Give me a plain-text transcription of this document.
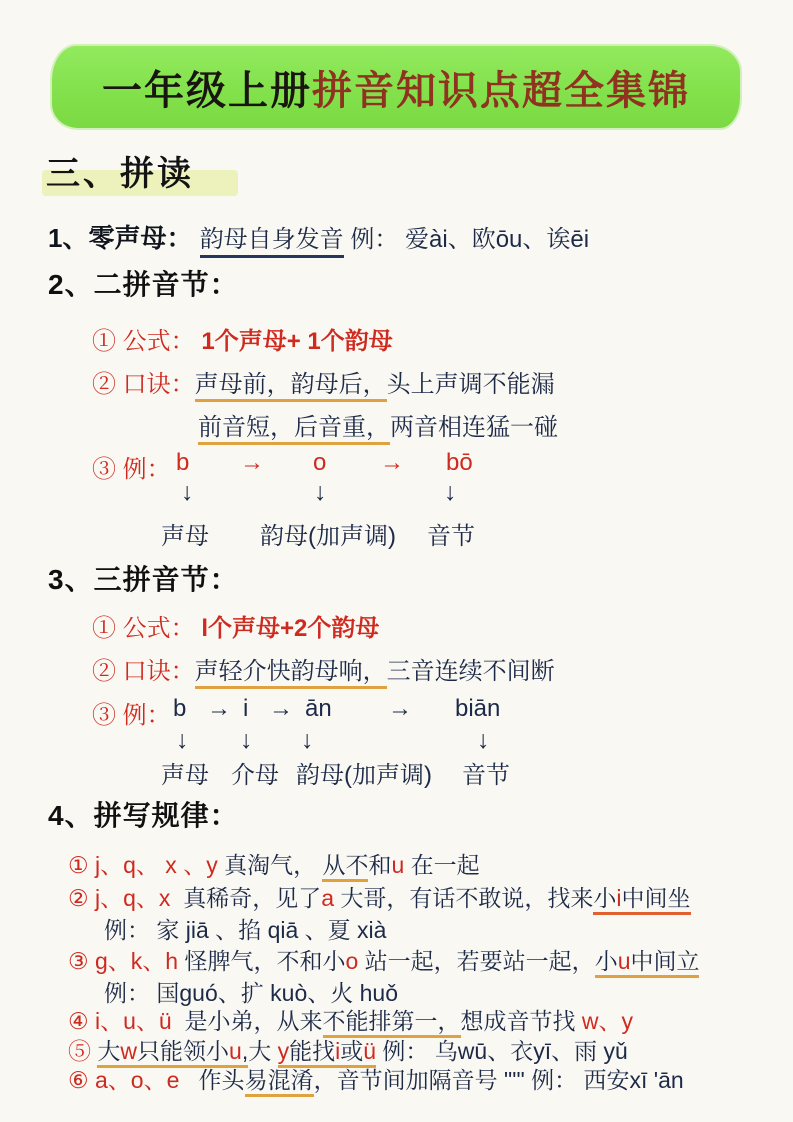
一年级上册拼音知识点超全集锦
三、拼读
1、零声母： 韵母自身发音 例： 爱ài、欧ōu、诶ēi
2、二拼音节：
① 公式： 1个声母+ 1个韵母
② 口诀：声母前，韵母后，头上声调不能漏
前音短，后音重，两音相连猛一碰
③ 例： b → o → bō
↓	↓	↓
声母 韵母(加声调) 音节
3、三拼音节：
① 公式： l个声母+2个韵母
② 口诀：声轻介快韵母响，三音连续不间断
③ 例： b → i → ān → biān
↓ ↓ ↓	↓
声母 介母 韵母(加声调) 音节
4、拼写规律：
① j、q、 x 、y 真淘气， 从不和u 在一起
② j、q、x  真稀奇，见了a 大哥，有话不敢说，找来小i中间坐
例： 家 jiā 、掐 qiā 、夏 xià
③ g、k、h 怪脾气，不和小o 站一起，若要站一起，小u中间立
例： 国guó、扩 kuò、火 huǒ
④ i、u、ü  是小弟，从来不能排第一，想成音节找 w、y
⑤ 大w只能领小u,大 y能找i或ü 例： 乌wū、衣yī、雨 yǔ
⑥ a、o、e   作头易混淆，音节间加隔音号 "'" 例： 西安xī 'ān
